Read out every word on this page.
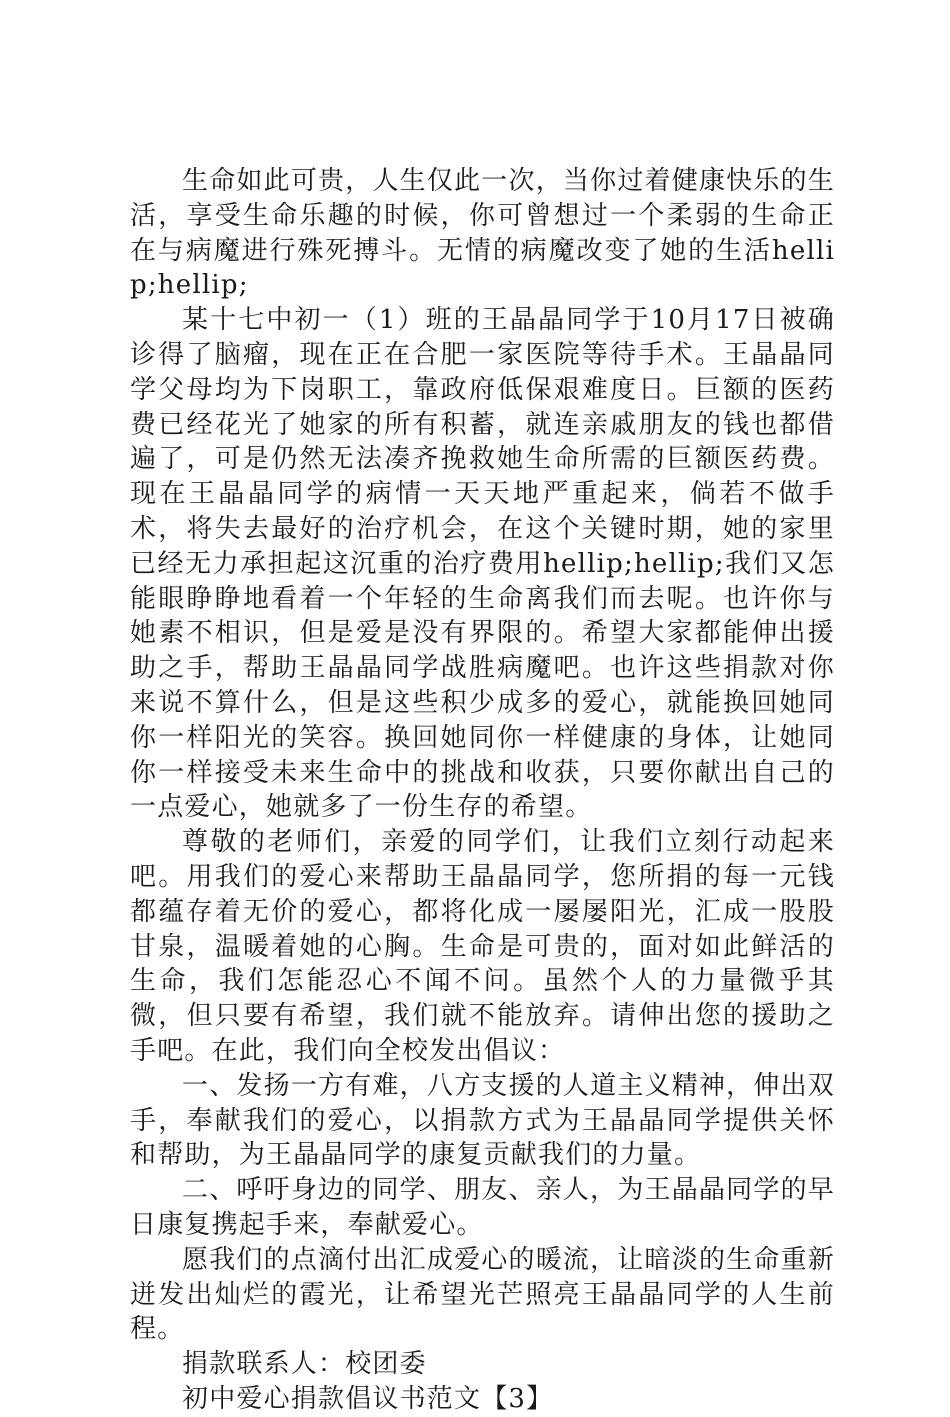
生命如此可贵，人生仅此一次，当你过着健康快乐的生活，享受生命乐趣的时候，你可曾想过一个柔弱的生命正在与病魔进行殊死搏斗。无情的病魔改变了她的生活hellip;hellip;

某十七中初一（1）班的王晶晶同学于10月17日被确诊得了脑瘤，现在正在合肥一家医院等待手术。王晶晶同学父母均为下岗职工，靠政府低保艰难度日。巨额的医药费已经花光了她家的所有积蓄，就连亲戚朋友的钱也都借遍了，可是仍然无法凑齐挽救她生命所需的巨额医药费。现在王晶晶同学的病情一天天地严重起来，倘若不做手术，将失去最好的治疗机会，在这个关键时期，她的家里已经无力承担起这沉重的治疗费用hellip;hellip;我们又怎能眼睁睁地看着一个年轻的生命离我们而去呢。也许你与她素不相识，但是爱是没有界限的。希望大家都能伸出援助之手，帮助王晶晶同学战胜病魔吧。也许这些捐款对你来说不算什么，但是这些积少成多的爱心，就能换回她同你一样阳光的笑容。换回她同你一样健康的身体，让她同你一样接受未来生命中的挑战和收获，只要你献出自己的一点爱心，她就多了一份生存的希望。

尊敬的老师们，亲爱的同学们，让我们立刻行动起来吧。用我们的爱心来帮助王晶晶同学，您所捐的每一元钱都蕴存着无价的爱心，都将化成一屡屡阳光，汇成一股股甘泉，温暖着她的心胸。生命是可贵的，面对如此鲜活的生命，我们怎能忍心不闻不问。虽然个人的力量微乎其微，但只要有希望，我们就不能放弃。请伸出您的援助之手吧。在此，我们向全校发出倡议：

一、发扬一方有难，八方支援的人道主义精神，伸出双手，奉献我们的爱心，以捐款方式为王晶晶同学提供关怀和帮助，为王晶晶同学的康复贡献我们的力量。

二、呼吁身边的同学、朋友、亲人，为王晶晶同学的早日康复携起手来，奉献爱心。

愿我们的点滴付出汇成爱心的暖流，让暗淡的生命重新迸发出灿烂的霞光，让希望光芒照亮王晶晶同学的人生前程。

捐款联系人：校团委

初中爱心捐款倡议书范文【3】
